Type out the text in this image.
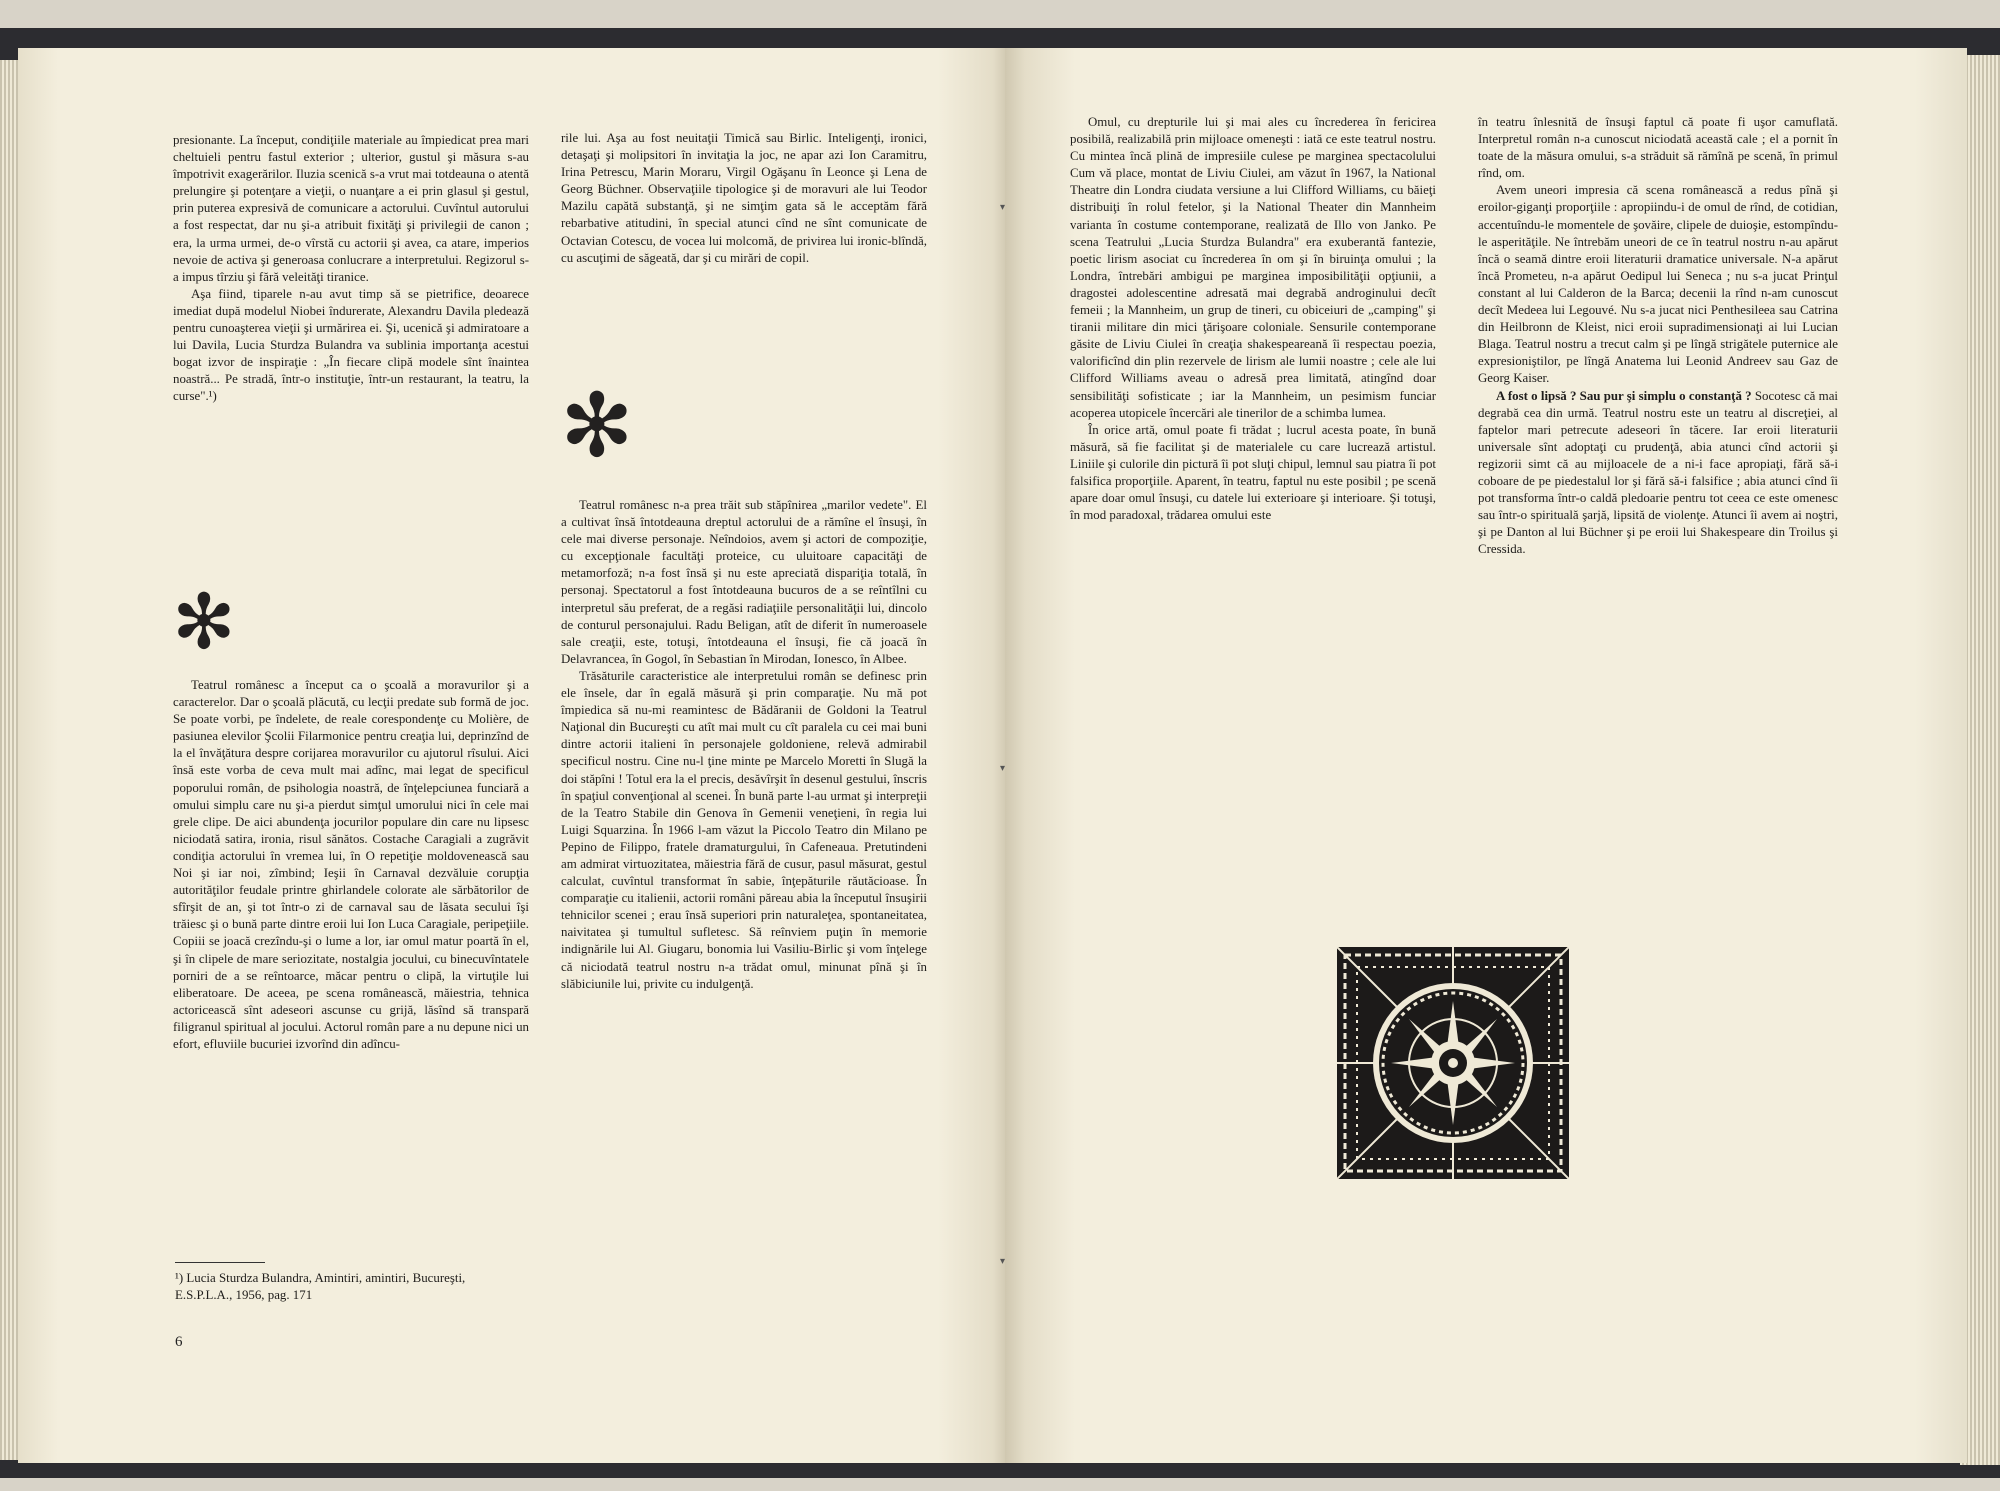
presionante. La început, condiţiile materiale au împiedicat prea mari cheltuieli pentru fastul exterior ; ulterior, gustul şi măsura s-au împotrivit exagerărilor. Iluzia scenică s-a vrut mai totdeauna o atentă prelungire şi potenţare a vieţii, o nuanţare a ei prin glasul şi gestul, prin puterea expresivă de comunicare a actorului. Cuvîntul autorului a fost respectat, dar nu şi-a atribuit fixităţi şi privilegii de canon ; era, la urma urmei, de-o vîrstă cu actorii şi avea, ca atare, imperios nevoie de activa şi generoasa conlucrare a interpretului. Regizorul s-a impus tîrziu şi fără veleităţi tiranice.

Aşa fiind, tiparele n-au avut timp să se pietrifice, deoarece imediat după modelul Niobei îndurerate, Alexandru Davila pledează pentru cunoaşterea vieţii şi urmărirea ei. Şi, ucenică şi admiratoare a lui Davila, Lucia Sturdza Bulandra va sublinia importanţa acestui bogat izvor de inspiraţie : „În fiecare clipă modele sînt înaintea noastră... Pe stradă, într-o instituţie, într-un restaurant, la teatru, la curse".¹)

✻

Teatrul românesc a început ca o şcoală a moravurilor şi a caracterelor. Dar o şcoală plăcută, cu lecţii predate sub formă de joc. Se poate vorbi, pe îndelete, de reale corespondenţe cu Molière, de pasiunea elevilor Şcolii Filarmonice pentru creaţia lui, deprinzînd de la el învăţătura despre corijarea moravurilor cu ajutorul rîsului. Aici însă este vorba de ceva mult mai adînc, mai legat de specificul poporului român, de psihologia noastră, de înţelepciunea funciară a omului simplu care nu şi-a pierdut simţul umorului nici în cele mai grele clipe. De aici abundenţa jocurilor populare din care nu lipsesc niciodată satira, ironia, risul sănătos. Costache Caragiali a zugrăvit condiţia actorului în vremea lui, în O repetiţie moldovenească sau Noi şi iar noi, zîmbind; Ieşii în Carnaval dezvăluie corupţia autorităţilor feudale printre ghirlandele colorate ale sărbătorilor de sfîrşit de an, şi tot într-o zi de carnaval sau de lăsata secului îşi trăiesc şi o bună parte dintre eroii lui Ion Luca Caragiale, peripeţiile. Copiii se joacă crezîndu-şi o lume a lor, iar omul matur poartă în el, şi în clipele de mare seriozitate, nostalgia jocului, cu binecuvîntatele porniri de a se reîntoarce, măcar pentru o clipă, la virtuţile lui eliberatoare. De aceea, pe scena românească, măiestria, tehnica actoricească sînt adeseori ascunse cu grijă, lăsînd să transpară filigranul spiritual al jocului. Actorul român pare a nu depune nici un efort, efluviile bucuriei izvorînd din adîncu-

¹) Lucia Sturdza Bulandra, Amintiri, amintiri, Bucureşti, E.S.P.L.A., 1956, pag. 171
6

rile lui. Aşa au fost neuitaţii Timică sau Birlic. Inteligenţi, ironici, detaşaţi şi molipsitori în invitaţia la joc, ne apar azi Ion Caramitru, Irina Petrescu, Marin Moraru, Virgil Ogăşanu în Leonce şi Lena de Georg Büchner. Observaţiile tipologice şi de moravuri ale lui Teodor Mazilu capătă substanţă, şi ne simţim gata să le acceptăm fără rebarbative atitudini, în special atunci cînd ne sînt comunicate de Octavian Cotescu, de vocea lui molcomă, de privirea lui ironic-blîndă, cu ascuţimi de săgeată, dar şi cu mirări de copil.

✻

Teatrul românesc n-a prea trăit sub stăpînirea „marilor vedete". El a cultivat însă întotdeauna dreptul actorului de a rămîne el însuşi, în cele mai diverse personaje. Neîndoios, avem şi actori de compoziţie, cu excepţionale facultăţi proteice, cu uluitoare capacităţi de metamorfoză; n-a fost însă şi nu este apreciată dispariţia totală, în personaj. Spectatorul a fost întotdeauna bucuros de a se reîntîlni cu interpretul său preferat, de a regăsi radiaţiile personalităţii lui, dincolo de conturul personajului. Radu Beligan, atît de diferit în numeroasele sale creaţii, este, totuşi, întotdeauna el însuşi, fie că joacă în Delavrancea, în Gogol, în Sebastian în Mirodan, Ionesco, în Albee.

Trăsăturile caracteristice ale interpretului român se definesc prin ele însele, dar în egală măsură şi prin comparaţie. Nu mă pot împiedica să nu-mi reamintesc de Bădăranii de Goldoni la Teatrul Naţional din Bucureşti cu atît mai mult cu cît paralela cu cei mai buni dintre actorii italieni în personajele goldoniene, relevă admirabil specificul nostru. Cine nu-l ţine minte pe Marcelo Moretti în Slugă la doi stăpîni ! Totul era la el precis, desăvîrşit în desenul gestului, înscris în spaţiul convenţional al scenei. În bună parte l-au urmat şi interpreţii de la Teatro Stabile din Genova în Gemenii veneţieni, în regia lui Luigi Squarzina. În 1966 l-am văzut la Piccolo Teatro din Milano pe Pepino de Filippo, fratele dramaturgului, în Cafeneaua. Pretutindeni am admirat virtuozitatea, măiestria fără de cusur, pasul măsurat, gestul calculat, cuvîntul transformat în sabie, înţepăturile răutăcioase. În comparaţie cu italienii, actorii români păreau abia la începutul însuşirii tehnicilor scenei ; erau însă superiori prin naturaleţea, spontaneitatea, naivitatea şi tumultul sufletesc. Să reînviem puţin în memorie indignările lui Al. Giugaru, bonomia lui Vasiliu-Birlic şi vom înţelege că niciodată teatrul nostru n-a trădat omul, minunat pînă şi în slăbiciunile lui, privite cu indulgenţă.

Omul, cu drepturile lui şi mai ales cu încrederea în fericirea posibilă, realizabilă prin mijloace omeneşti : iată ce este teatrul nostru. Cu mintea încă plină de impresiile culese pe marginea spectacolului Cum vă place, montat de Liviu Ciulei, am văzut în 1967, la National Theatre din Londra ciudata versiune a lui Clifford Williams, cu băieţi distribuiţi în rolul fetelor, şi la National Theater din Mannheim varianta în costume contemporane, realizată de Illo von Janko. Pe scena Teatrului „Lucia Sturdza Bulandra" era exuberantă fantezie, poetic lirism asociat cu încrederea în om şi în biruinţa omului ; la Londra, întrebări ambigui pe marginea imposibilităţii opţiunii, a dragostei adolescentine adresată mai degrabă androginului decît femeii ; la Mannheim, un grup de tineri, cu obiceiuri de „camping" şi tiranii militare din mici ţărişoare coloniale. Sensurile contemporane găsite de Liviu Ciulei în creaţia shakespeareană îi respectau poezia, valorificînd din plin rezervele de lirism ale lumii noastre ; cele ale lui Clifford Williams aveau o adresă prea limitată, atingînd doar sensibilităţi sofisticate ; iar la Mannheim, un pesimism funciar acoperea utopicele încercări ale tinerilor de a schimba lumea.

În orice artă, omul poate fi trădat ; lucrul acesta poate, în bună măsură, să fie facilitat şi de materialele cu care lucrează artistul. Liniile şi culorile din pictură îi pot sluţi chipul, lemnul sau piatra îi pot falsifica proporţiile. Aparent, în teatru, faptul nu este posibil ; pe scenă apare doar omul însuşi, cu datele lui exterioare şi interioare. Şi totuşi, în mod paradoxal, trădarea omului este

în teatru înlesnită de însuşi faptul că poate fi uşor camuflată. Interpretul român n-a cunoscut niciodată această cale ; el a pornit în toate de la măsura omului, s-a străduit să rămînă pe scenă, în primul rînd, om.

Avem uneori impresia că scena românească a redus pînă şi eroilor-giganţi proporţiile : apropiindu-i de omul de rînd, de cotidian, accentuîndu-le momentele de şovăire, clipele de duioşie, estompîndu-le asperităţile. Ne întrebăm uneori de ce în teatrul nostru n-au apărut încă o seamă dintre eroii literaturii dramatice universale. N-a apărut încă Prometeu, n-a apărut Oedipul lui Seneca ; nu s-a jucat Prinţul constant al lui Calderon de la Barca; decenii la rînd n-am cunoscut decît Medeea lui Legouvé. Nu s-a jucat nici Penthesileea sau Catrina din Heilbronn de Kleist, nici eroii supradimensionaţi ai lui Lucian Blaga. Teatrul nostru a trecut calm şi pe lîngă strigătele puternice ale expresioniştilor, pe lîngă Anatema lui Leonid Andreev sau Gaz de Georg Kaiser.

A fost o lipsă ? Sau pur şi simplu o constanţă ? Socotesc că mai degrabă cea din urmă. Teatrul nostru este un teatru al discreţiei, al faptelor mari petrecute adeseori în tăcere. Iar eroii literaturii universale sînt adoptaţi cu prudenţă, abia atunci cînd actorii şi regizorii simt că au mijloacele de a ni-i face apropiaţi, fără să-i coboare de pe piedestalul lor şi fără să-i falsifice ; abia atunci cînd îi pot transforma într-o caldă pledoarie pentru tot ceea ce este omenesc sau într-o spirituală şarjă, lipsită de violenţe. Atunci îi avem ai noştri, şi pe Danton al lui Büchner şi pe eroii lui Shakespeare din Troilus şi Cressida.

▾
▾
▾
